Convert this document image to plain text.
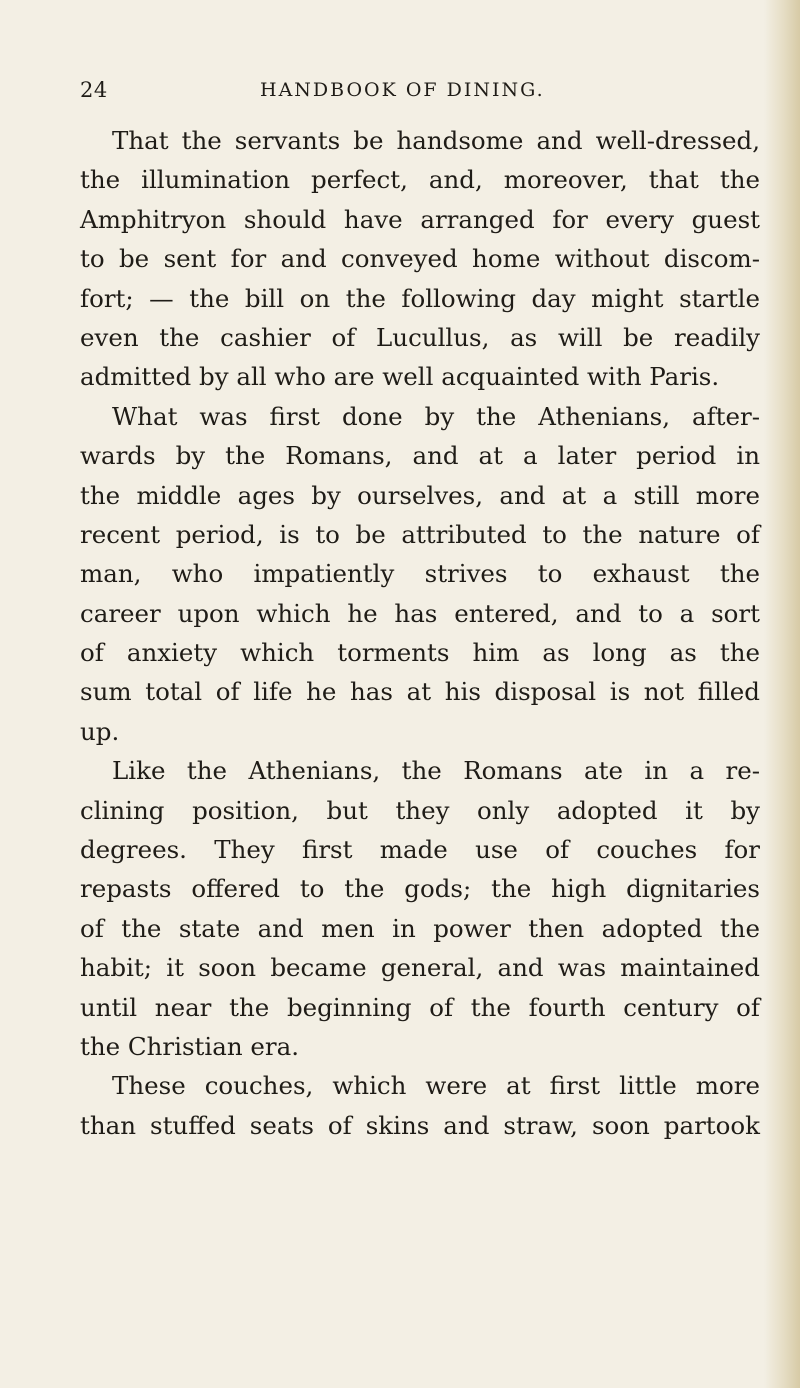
24	HANDBOOK OF DINING.
That the servants be handsome and well-dressed,
the illumination perfect, and, moreover, that the
Amphitryon should have arranged for every guest
to be sent for and conveyed home without discom-
fort; — the bill on the following day might startle
even the cashier of Lucullus, as will be readily
admitted by all who are well acquainted with Paris.
What was first done by the Athenians, after-
wards by the Romans, and at a later period in
the middle ages by ourselves, and at a still more
recent period, is to be attributed to the nature of
man, who impatiently strives to exhaust the
career upon which he has entered, and to a sort
of anxiety which torments him as long as the
sum total of life he has at his disposal is not filled
up.
Like the Athenians, the Romans ate in a re-
clining position, but they only adopted it by
degrees. They first made use of couches for
repasts offered to the gods; the high dignitaries
of the state and men in power then adopted the
habit; it soon became general, and was maintained
until near the beginning of the fourth century of
the Christian era.
These couches, which were at first little more
than stuffed seats of skins and straw, soon partook
